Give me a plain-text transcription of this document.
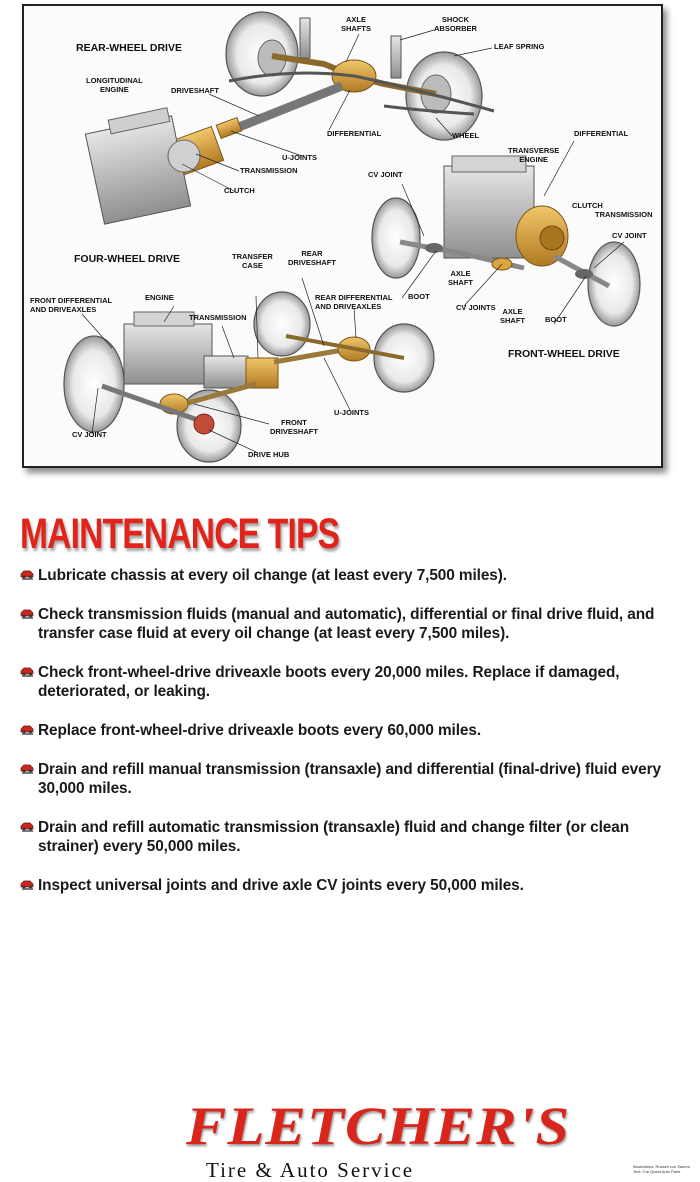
REAR-WHEEL DRIVE
FOUR-WHEEL DRIVE
FRONT-WHEEL DRIVE
AXLE
SHAFTS
SHOCK
ABSORBER
LEAF SPRING
LONGITUDINAL
ENGINE	DRIVESHAFT
DIFFERENTIAL	WHEEL	DIFFERENTIAL
U-JOINTS
TRANSMISSION
CLUTCH
TRANSVERSE
ENGINE
CV JOINT
CLUTCH
TRANSMISSION
CV JOINT
TRANSFER
CASE
REAR
DRIVESHAFT
AXLE
SHAFT
BOOT
FRONT DIFFERENTIAL
AND DRIVEAXLES
ENGINE	REAR DIFFERENTIAL
AND DRIVEAXLES	CV JOINTS AXLE
SHAFT	BOOT
TRANSMISSION
U-JOINTS
FRONT
DRIVESHAFT
CV JOINT
DRIVE HUB
MAINTENANCE TIPS
Lubricate chassis at every oil change (at least every 7,500 miles).
Check transmission fluids (manual and automatic), differential or final drive fluid, and transfer case fluid at every oil change (at least every 7,500 miles).
Check front-wheel-drive driveaxle boots every 20,000 miles. Replace if damaged, deteriorated, or leaking.
Replace front-wheel-drive driveaxle boots every 60,000 miles.
Drain and refill manual transmission (transaxle) and differential (final-drive) fluid every 30,000 miles.
Drain and refill automatic transmission (transaxle) fluid and change filter (or clean strainer) every 50,000 miles.
Inspect universal joints and drive axle CV joints every 50,000 miles.
FLETCHER'S
Tire & Auto Service	Illustrations: Russell von Sauers
Text: Car Quest Auto Parts
